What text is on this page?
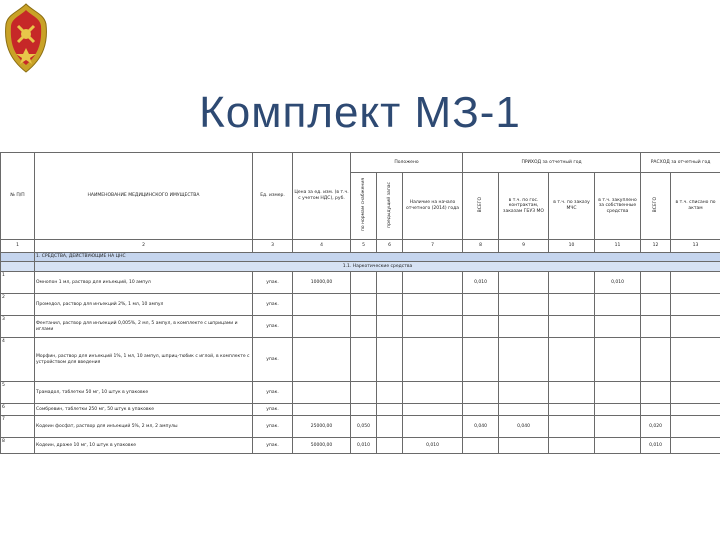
Комплект МЗ-1
№ П/П	НАИМЕНОВАНИЕ МЕДИЦИНСКОГО ИМУЩЕСТВА	Ед. измер.	Цена за ед. изм. (в т.ч. с учетом НДС), руб.	Положено			ПРИХОД за отчетный год				РАСХОД за отчетный год	
				по нормам снабжения	предыдущий запас	Наличие на начало отчетного (2014) года	ВСЕГО	в т.ч. по гос. контрактам, заказам ГБУЗ МО	в т.ч. по заказу МЧС	в т.ч. закуплено за собственные средства	ВСЕГО	в т.ч. списано по актам
1	2	3	4	5	6	7	8	9	10	11	12	13
	1. СРЕДСТВА, ДЕЙСТВУЮЩИЕ НА ЦНС											
	1.1. Наркотические средства											
1	Омнопон 1 мл, раствор для инъекций, 10 ампул	упак.	10000,00				0,010			0,010		
2	Промедол, раствор для инъекций 2%, 1 мл, 10 ампул	упак.										
3	Фентанил, раствор для инъекций 0,005%, 2 мл, 5 ампул, в комплекте с шприцами и иглами	упак.										
4	Морфин, раствор для инъекций 1%, 1 мл, 10 ампул, шприц-тюбик с иглой, в комплекте с устройством для введения	упак.										
5	Трамадол, таблетки 50 мг, 10 штук в упаковке	упак.										
6	Сомбревин, таблетки 250 мг, 50 штук в упаковке	упак.										
7	Кодеин фосфат, раствор для инъекций 5%, 2 мл, 2 ампулы	упак.	25000,00	0,050			0,040	0,040			0,020	
8	Кодеин, драже 10 мг, 10 штук в упаковке	упак.	50000,00	0,010		0,010					0,010	
